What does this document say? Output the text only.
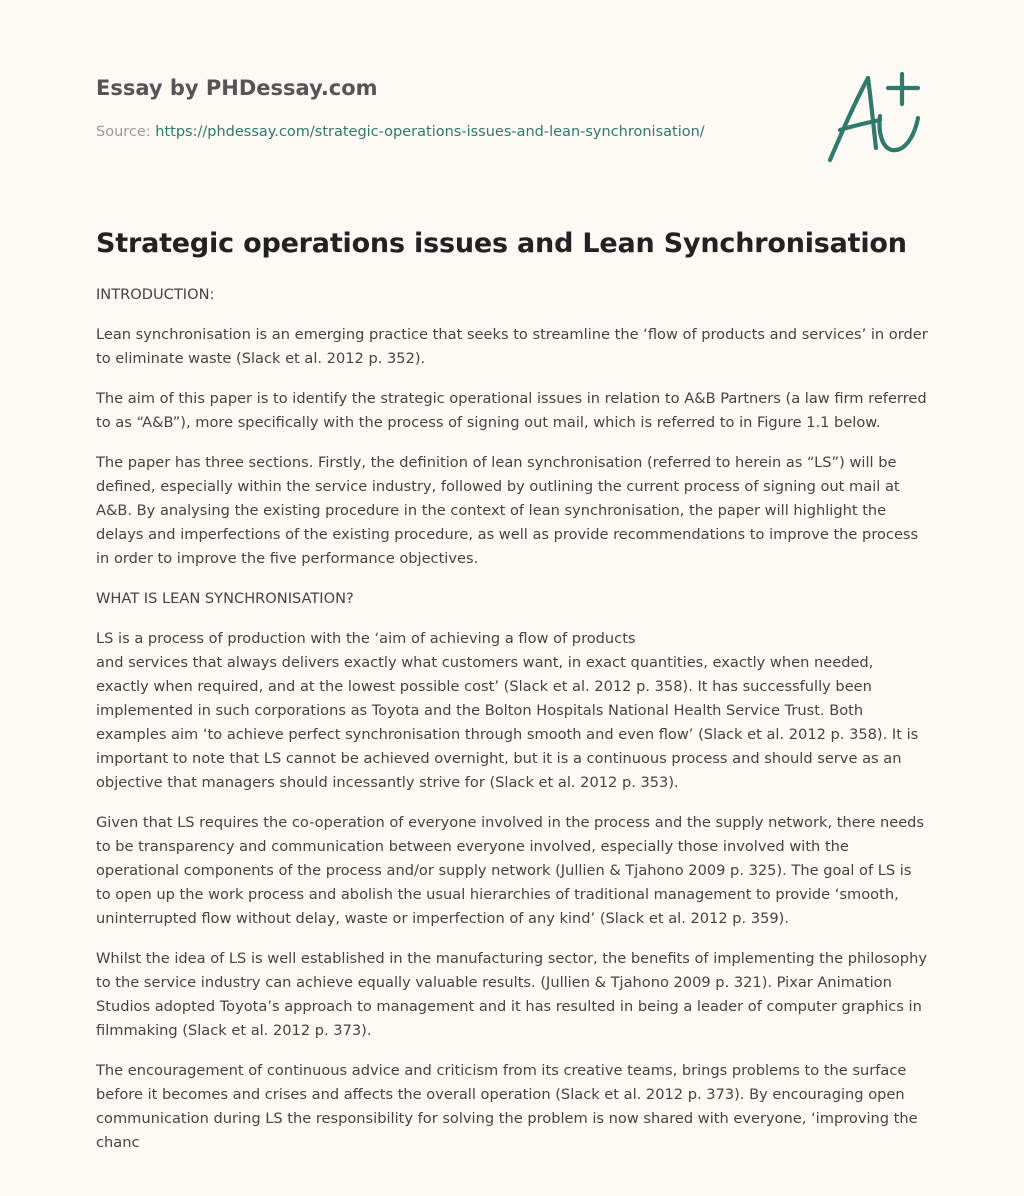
Essay by PHDessay.com

Source: https://phdessay.com/strategic-operations-issues-and-lean-synchronisation/

Strategic operations issues and Lean Synchronisation

INTRODUCTION:

Lean synchronisation is an emerging practice that seeks to streamline the ‘flow of products and services’ in order to eliminate waste (Slack et al. 2012 p. 352).

The aim of this paper is to identify the strategic operational issues in relation to A&B Partners (a law firm referred to as “A&B”), more specifically with the process of signing out mail, which is referred to in Figure 1.1 below.

The paper has three sections. Firstly, the definition of lean synchronisation (referred to herein as “LS”) will be defined, especially within the service industry, followed by outlining the current process of signing out mail at A&B. By analysing the existing procedure in the context of lean synchronisation, the paper will highlight the delays and imperfections of the existing procedure, as well as provide recommendations to improve the process in order to improve the five performance objectives.

WHAT IS LEAN SYNCHRONISATION?

LS is a process of production with the ‘aim of achieving a flow of products
and services that always delivers exactly what customers want, in exact quantities, exactly when needed, exactly when required, and at the lowest possible cost’ (Slack et al. 2012 p. 358). It has successfully been implemented in such corporations as Toyota and the Bolton Hospitals National Health Service Trust. Both examples aim ‘to achieve perfect synchronisation through smooth and even flow’ (Slack et al. 2012 p. 358). It is important to note that LS cannot be achieved overnight, but it is a continuous process and should serve as an objective that managers should incessantly strive for (Slack et al. 2012 p. 353).

Given that LS requires the co-operation of everyone involved in the process and the supply network, there needs to be transparency and communication between everyone involved, especially those involved with the operational components of the process and/or supply network (Jullien & Tjahono 2009 p. 325). The goal of LS is to open up the work process and abolish the usual hierarchies of traditional management to provide ‘smooth, uninterrupted flow without delay, waste or imperfection of any kind’ (Slack et al. 2012 p. 359).

Whilst the idea of LS is well established in the manufacturing sector, the benefits of implementing the philosophy to the service industry can achieve equally valuable results. (Jullien & Tjahono 2009 p. 321). Pixar Animation Studios adopted Toyota’s approach to management and it has resulted in being a leader of computer graphics in filmmaking (Slack et al. 2012 p. 373).

The encouragement of continuous advice and criticism from its creative teams, brings problems to the surface before it becomes and crises and affects the overall operation (Slack et al. 2012 p. 373). By encouraging open communication during LS the responsibility for solving the problem is now shared with everyone, ‘improving the chanc
